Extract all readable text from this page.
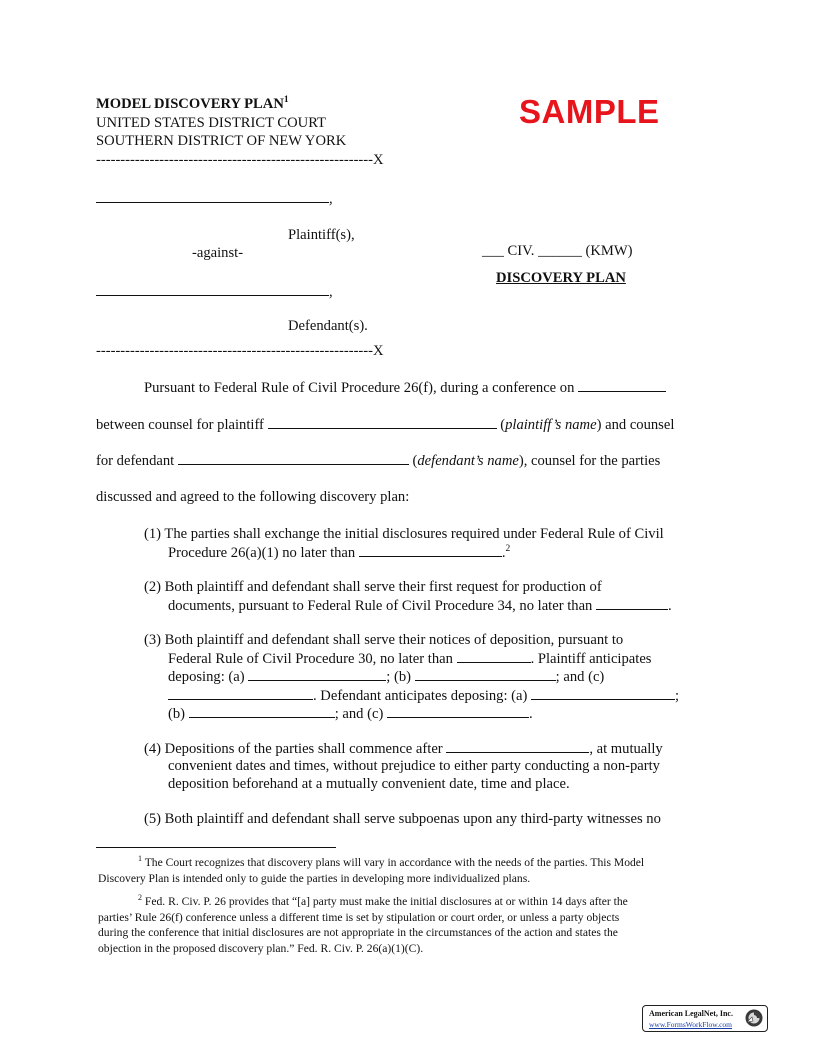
MODEL DISCOVERY PLAN$^1$
UNITED STATES DISTRICT COURT
SOUTHERN DISTRICT OF NEW YORK
SAMPLE
---------------------------------------------------------X
,
Plaintiff(s),
-against-	___ CIV. ______ (KMW)
DISCOVERY PLAN
,
Defendant(s).
---------------------------------------------------------X
Pursuant to Federal Rule of Civil Procedure 26(f), during a conference on
between counsel for plaintiff	(plaintiff’s name) and counsel
for defendant	(defendant’s name), counsel for the parties
discussed and agreed to the following discovery plan:
(1) The parties shall exchange the initial disclosures required under Federal Rule of Civil
Procedure 26(a)(1) no later than	.$^2$
(2) Both plaintiff and defendant shall serve their first request for production of
documents, pursuant to Federal Rule of Civil Procedure 34, no later than	.
(3) Both plaintiff and defendant shall serve their notices of deposition, pursuant to
Federal Rule of Civil Procedure 30, no later than	. Plaintiff anticipates
deposing: (a)	; (b)	; and (c)
. Defendant anticipates deposing: (a)	;
(b)	; and (c)	.
(4) Depositions of the parties shall commence after	, at mutually
convenient dates and times, without prejudice to either party conducting a non-party
deposition beforehand at a mutually convenient date, time and place.
(5) Both plaintiff and defendant shall serve subpoenas upon any third-party witnesses no
$^1$ The Court recognizes that discovery plans will vary in accordance with the needs of the parties. This Model
Discovery Plan is intended only to guide the parties in developing more individualized plans.
$^2$ Fed. R. Civ. P. 26 provides that “[a] party must make the initial disclosures at or within 14 days after the
parties’ Rule 26(f) conference unless a different time is set by stipulation or court order, or unless a party objects
during the conference that initial disclosures are not appropriate in the circumstances of the action and states the
objection in the proposed discovery plan.” Fed. R. Civ. P. 26(a)(1)(C).
American LegalNet, Inc.
www.FormsWorkFlow.com
